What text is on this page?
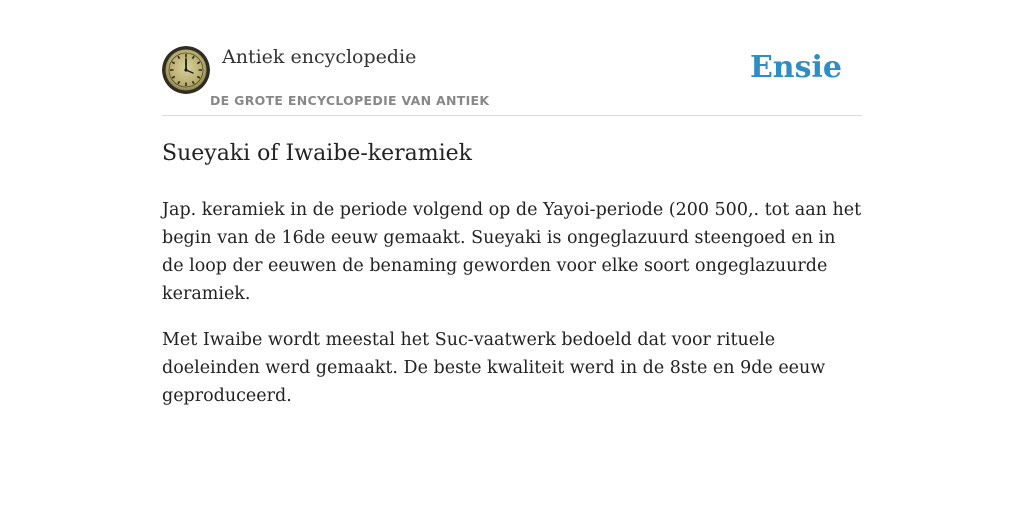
Antiek encyclopedie
DE GROTE ENCYCLOPEDIE VAN ANTIEK
Ensie
Sueyaki of Iwaibe-keramiek

Jap. keramiek in de periode volgend op de Yayoi-periode (200 500,. tot aan het begin van de 16de eeuw gemaakt. Sueyaki is ongeglazuurd steengoed en in de loop der eeuwen de benaming geworden voor elke soort ongeglazuurde keramiek.

Met Iwaibe wordt meestal het Suc-vaatwerk bedoeld dat voor rituele doeleinden werd gemaakt. De beste kwaliteit werd in de 8ste en 9de eeuw geproduceerd.
